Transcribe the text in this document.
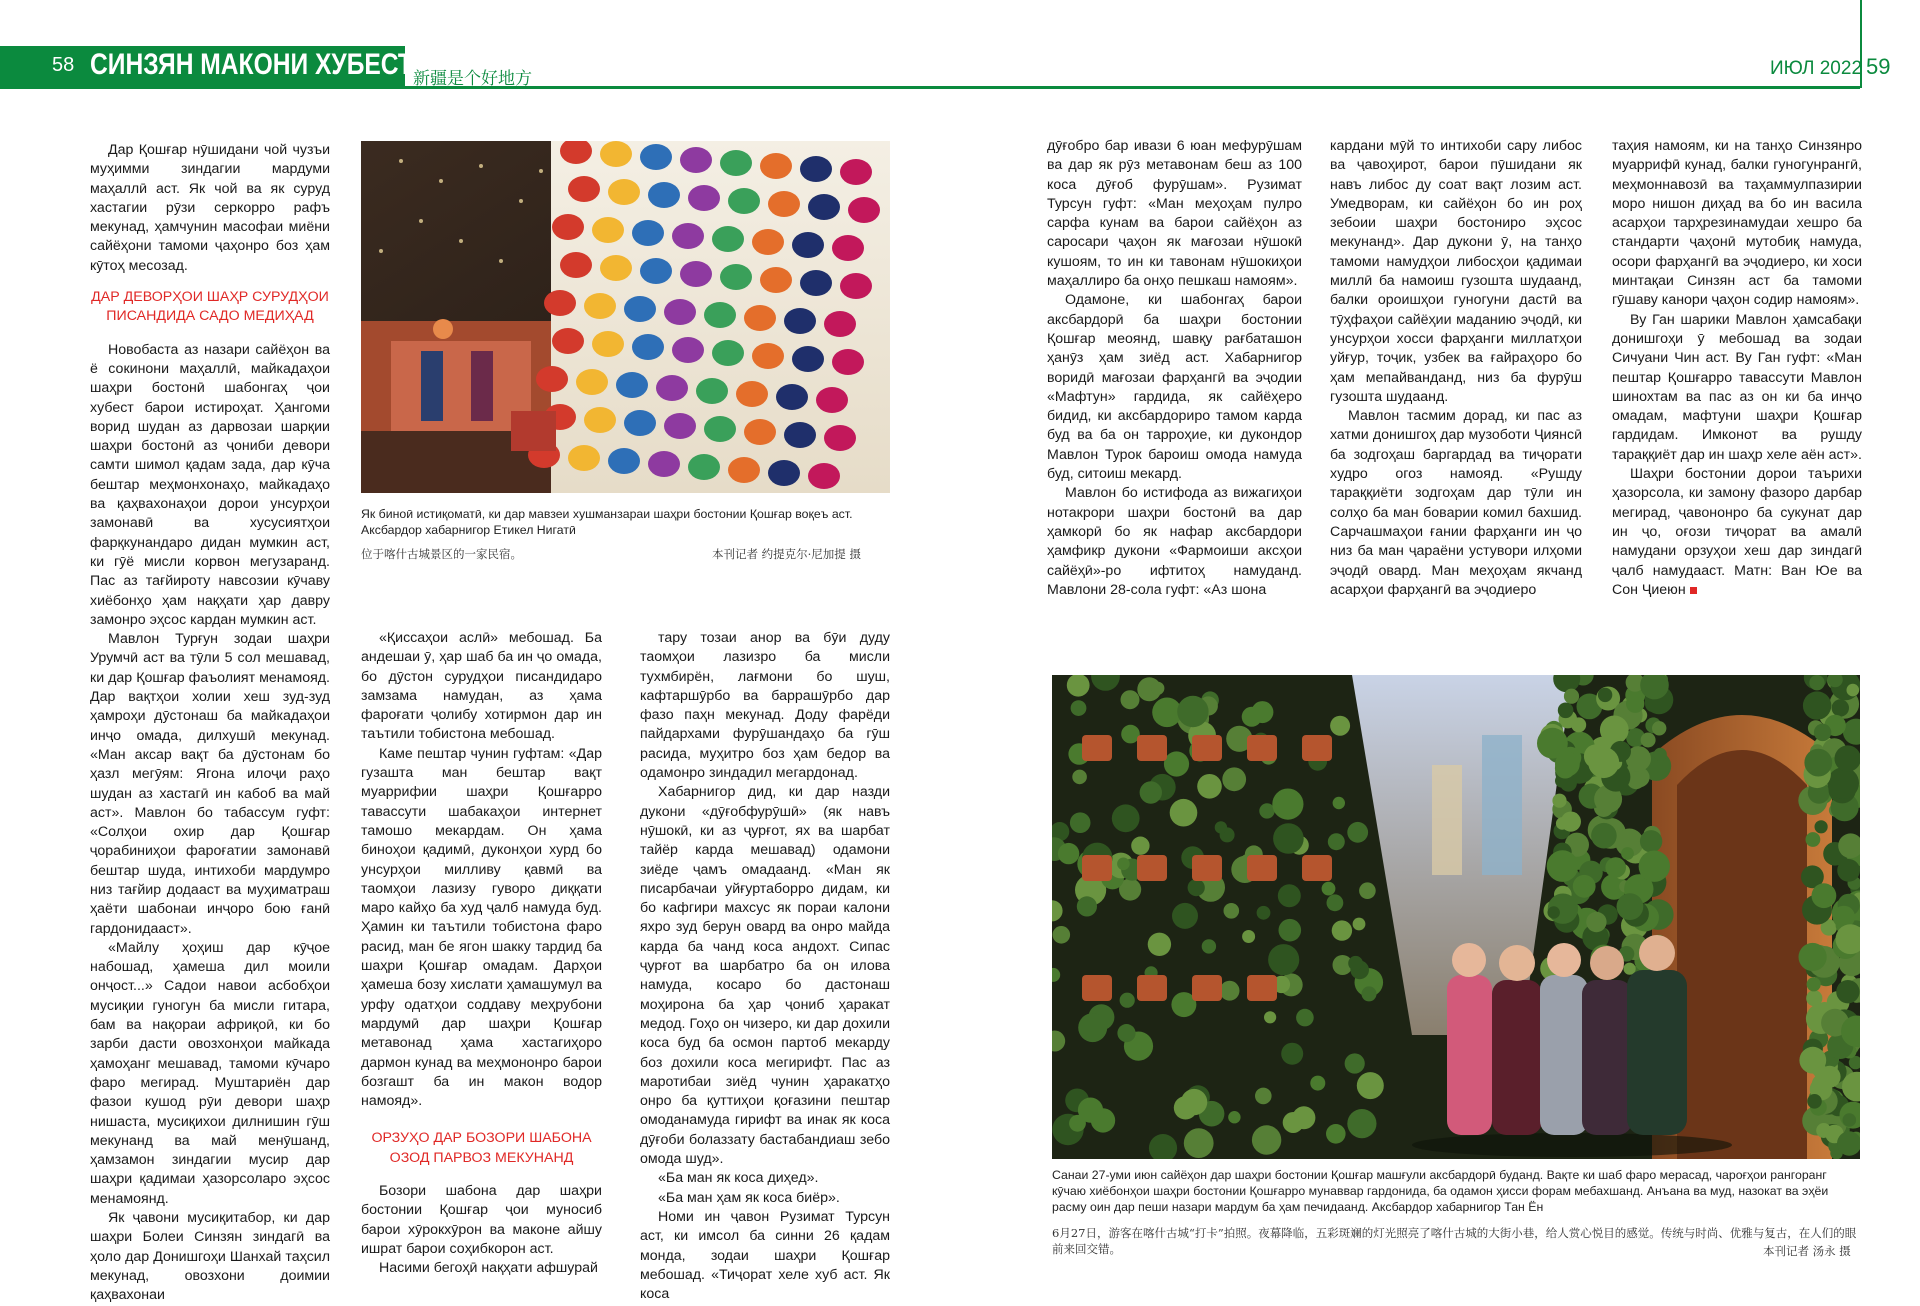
58 СИНЗЯН МАКОНИ ХУБЕСТ 新疆是个好地方	ИЮЛ 2022 59

Дар Қошғар нӯшидани чой чузъи муҳимми зиндагии мардуми маҳаллӣ аст. Як чой ва як суруд хастагии рӯзи серкорро рафъ мекунад, ҳамчунин масофаи миёни сайёҳони тамоми ҷаҳонро боз ҳам кӯтоҳ месозад.

ДАР ДЕВОРҲОИ ШАҲР СУРУДҲОИ ПИСАНДИДА САДО МЕДИҲАД

Новобаста аз назари сайёҳон ва ё сокинони маҳаллӣ, майкадаҳои шаҳри бостонӣ шабонгаҳ ҷои хубест барои истироҳат. Ҳангоми ворид шудан аз дарвозаи шарқии шаҳри бостонӣ аз ҷониби девори самти шимол қадам зада, дар кӯча бештар меҳмонхонаҳо, майкадаҳо ва қаҳвахонаҳои дорои унсурҳои замонавӣ ва хусусиятҳои фарқкунандаро дидан мумкин аст, ки гӯё мисли корвон мегузаранд. Пас аз тағйироту навсозии кӯчаву хиёбонҳо ҳам нақҳати ҳар давру замонро эҳсос кардан мумкин аст.

Мавлон Турғун зодаи шаҳри Урумчӣ аст ва тӯли 5 сол мешавад, ки дар Қошғар фаъолият менамояд. Дар вақтҳои холии хеш зуд-зуд ҳамроҳи дӯстонаш ба майкадаҳои инҷо омада, дилхушӣ мекунад. «Ман аксар вақт ба дӯстонам бо ҳазл мегӯям: Ягона илоҷи раҳо шудан аз хастагӣ ин кабоб ва май аст». Мавлон бо табассум гуфт: «Солҳои охир дар Қошғар ҷорабиниҳои фароғатии замонавӣ бештар шуда, интихоби мардумро низ тағйир додааст ва муҳиматраш ҳаёти шабонаи инҷоро бою ғанӣ гардонидааст».

«Майлу ҳоҳиш дар кӯҷое набошад, ҳамеша дил моили онҷост...» Садои навои асбобҳои мусиқии гуногун ба мисли гитара, бам ва нақораи африқоӣ, ки бо зарби дасти овозхонҳои майкада ҳамоҳанг мешавад, тамоми кӯчаро фаро мегирад. Муштариён дар фазои кушод рӯи девори шаҳр нишаста, мусиқихои дилнишин гӯш мекунанд ва май менӯшанд, ҳамзамон зиндагии мусир дар шаҳри қадимаи ҳазорсоларо эҳсос менамоянд.

Як ҷавони мусиқитабор, ки дар шаҳри Болеи Синзян зиндагӣ ва ҳоло дар Донишгоҳи Шанхай таҳсил мекунад, овозхони доимии қаҳвахонаи

Як биноӣ истиқоматӣ, ки дар мавзеи хушманзараи шаҳри бостонии Қошғар воқеъ аст. Аксбардор хабарнигор Етикел Нигатӣ
位于喀什古城景区的一家民宿。	本刊记者 约提克尔·尼加提 摄

«Қиссаҳои аслӣ» мебошад. Ба андешаи ӯ, ҳар шаб ба ин ҷо омада, бо дӯстон сурудҳои писандидаро замзама намудан, аз ҳама фароғати ҷолибу хотирмон дар ин таътили тобистона мебошад.

Каме пештар чунин гуфтам: «Дар гузашта ман бештар вақт муаррифии шаҳри Қошғарро тавассути шабакаҳои интернет тамошо мекардам. Он ҳама биноҳои қадимӣ, дуконҳои хурд бо унсурҳои милливу қавмӣ ва таомҳои лазизу гуворо диққати маро кайҳо ба худ ҷалб намуда буд. Ҳамин ки таътили тобистона фаро расид, ман бе ягон шакку тардид ба шаҳри Қошғар омадам. Дарҳои ҳамеша бозу хислати ҳамашумул ва урфу одатҳои соддаву меҳрубони мардумӣ дар шаҳри Қошғар метавонад ҳама хастагиҳоро дармон кунад ва меҳмононро барои бозгашт ба ин макон водор намояд».

ОРЗУҲО ДАР БОЗОРИ ШАБОНА ОЗОД ПАРВОЗ МЕКУНАНД

Бозори шабона дар шаҳри бостонии Қошғар ҷои муносиб барои хӯрокхӯрон ва маконе айшу ишрат барои соҳибкорон аст.

Насими бегоҳӣ нақҳати афшурай

тару тозаи анор ва бӯи дуду таомҳои лазизро ба мисли тухмбирён, лағмони бо шуш, кафтаршӯрбо ва баррашӯрбо дар фазо паҳн мекунад. Доду фарёди пайдархами фурӯшандаҳо ба гӯш расида, муҳитро боз ҳам бедор ва одамонро зиндадил мегардонад.

Хабарнигор дид, ки дар назди дукони «дӯғобфурӯшӣ» (як навъ нӯшокӣ, ки аз ҷурғот, ях ва шарбат тайёр карда мешавад) одамони зиёде ҷамъ омадаанд. «Ман як писарбачаи уйғуртаборро дидам, ки бо кафгири махсус як пораи калони яхро зуд берун овард ва онро майда карда ба чанд коса андохт. Сипас ҷурғот ва шарбатро ба он илова намуда, косаро бо дастонаш моҳирона ба ҳар ҷониб ҳаракат медод. Гоҳо он чизеро, ки дар дохили коса буд ба осмон партоб мекарду боз дохили коса мегирифт. Пас аз маротибаи зиёд чунин ҳаракатҳо онро ба қуттиҳои қоғазини пештар омоданамуда гирифт ва инак як коса дӯғоби болаззату бастабандиаш зебо омода шуд».

«Ба ман як коса диҳед».

«Ба ман ҳам як коса биёр».

Номи ин ҷавон Рузимат Турсун аст, ки имсол ба синни 26 қадам монда, зодаи шаҳри Қошғар мебошад. «Тиҷорат хеле хуб аст. Як коса

дӯғобро бар ивази 6 юан мефурӯшам ва дар як рӯз метавонам беш аз 100 коса дӯғоб фурӯшам». Рузимат Турсун гуфт: «Ман меҳоҳам пулро сарфа кунам ва барои сайёҳон аз саросари ҷаҳон як мағозаи нӯшокӣ кушоям, то ин ки тавонам нӯшокиҳои маҳаллиро ба онҳо пешкаш намоям».

Одамоне, ки шабонгаҳ барои аксбардорӣ ба шаҳри бостонии Қошғар меоянд, шавқу рағбаташон ҳанӯз ҳам зиёд аст. Хабарнигор воридӣ мағозаи фарҳангӣ ва эҷодии «Мафтун» гардида, як сайёҳеро бидид, ки аксбардориро тамом карда буд ва ба он тарроҳие, ки дукондор Мавлон Турок бароиш омода намуда буд, ситоиш мекард.

Мавлон бо истифода аз вижагиҳои нотакрори шаҳри бостонӣ ва дар ҳамкорӣ бо як нафар аксбардори ҳамфикр дукони «Фармоиши аксҳои сайёҳӣ»-ро ифтитоҳ намуданд. Мавлони 28-сола гуфт: «Аз шона

кардани мӯй то интихоби сару либос ва ҷавоҳирот, барои пӯшидани як навъ либос ду соат вақт лозим аст. Умедворам, ки сайёҳон бо ин роҳ зебоии шаҳри бостониро эҳсос мекунанд». Дар дукони ӯ, на танҳо тамоми намудҳои либосҳои қадимаи миллӣ ба намоиш гузошта шудаанд, балки ороишҳои гуногуни дастӣ ва тӯҳфаҳои сайёҳии маданию эҷодӣ, ки унсурҳои хосси фарҳанги миллатҳои уйғур, тоҷик, узбек ва ғайраҳоро бо ҳам мепайванданд, низ ба фурӯш гузошта шудаанд.

Мавлон тасмим дорад, ки пас аз хатми донишгоҳ дар музоботи Ҷиянсӣ ба зодгоҳаш баргардад ва тиҷорати худро огоз намояд. «Рушду тараққиёти зодгоҳам дар тӯли ин солҳо ба ман боварии комил бахшид. Сарчашмаҳои ғании фарҳанги ин ҷо низ ба ман ҷараёни устувори илҳоми эҷодӣ овард. Ман меҳоҳам якчанд асарҳои фарҳангӣ ва эҷодиеро

таҳия намоям, ки на танҳо Синзянро муаррифӣ кунад, балки гуногунрангӣ, меҳмоннавозӣ ва таҳаммулпазирии моро нишон диҳад ва бо ин васила асарҳои тарҳрезинамудаи хешро ба стандарти ҷаҳонӣ мутобиқ намуда, осори фарҳангӣ ва эҷодиеро, ки хоси минтақаи Синзян аст ба тамоми гӯшаву канори ҷаҳон содир намоям».

Ву Ган шарики Мавлон ҳамсабақи донишгоҳи ӯ мебошад ва зодаи Сичуани Чин аст. Ву Ган гуфт: «Ман пештар Қошғарро тавассути Мавлон шинохтам ва пас аз он ки ба инҷо омадам, мафтуни шаҳри Қошғар гардидам. Имконот ва рушду тараққиёт дар ин шаҳр хеле аён аст».

Шаҳри бостонии дорои таърихи ҳазорсола, ки замону фазоро дарбар мегирад, ҷавононро ба сукунат дар ин ҷо, оғози тиҷорат ва амалӣ намудани орзуҳои хеш дар зиндагӣ ҷалб намудааст. Матн: Ван Юе ва Сон Ҷиеюн

Санаи 27-уми июн сайёҳон дар шаҳри бостонии Қошғар машғули аксбардорӣ буданд. Вақте ки шаб фаро мерасад, чароғҳои рангоранг кӯчаю хиёбонҳои шаҳри бостонии Қошғарро мунаввар гардонида, ба одамон ҳисси форам мебахшанд. Анъана ва муд, назокат ва эҳёи расму оин дар пеши назари мардум ба ҳам печидаанд. Аксбардор хабарнигор Тан Ён
6月27日，游客在喀什古城“打卡”拍照。夜幕降临，五彩斑斓的灯光照亮了喀什古城的大街小巷，给人赏心悦目的感觉。传统与时尚、优雅与复古，在人们的眼前来回交错。	本刊记者 汤永 摄
